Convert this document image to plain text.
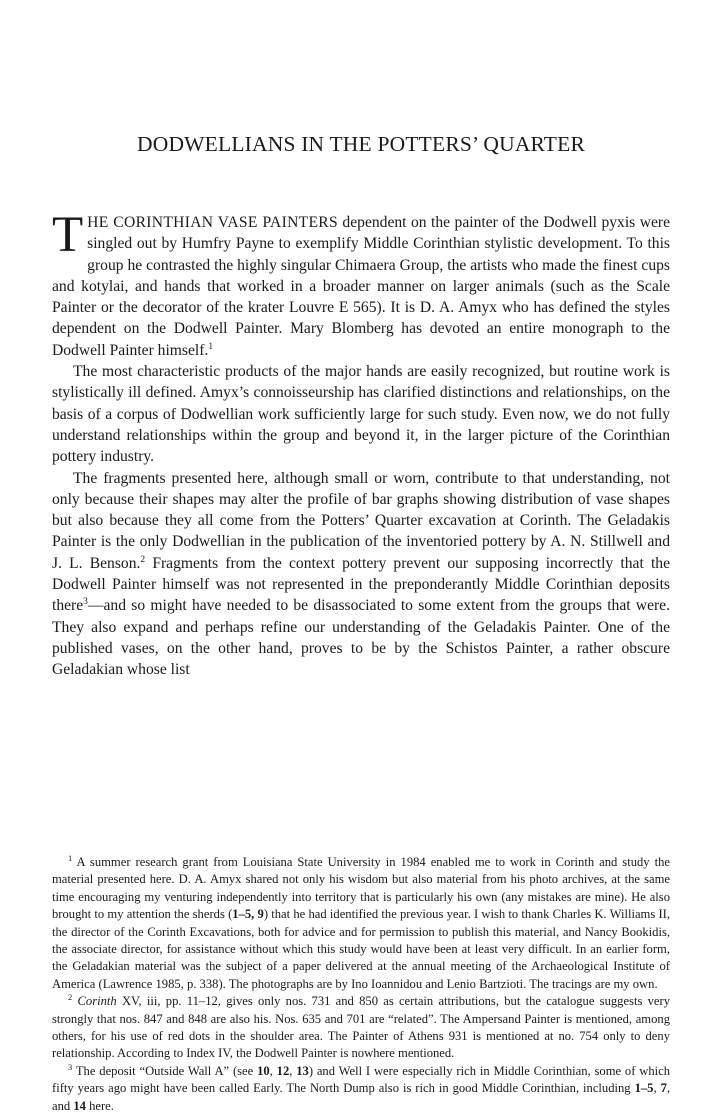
DODWELLIANS IN THE POTTERS’ QUARTER

THE CORINTHIAN VASE PAINTERS dependent on the painter of the Dodwell pyxis were singled out by Humfry Payne to exemplify Middle Corinthian stylistic development. To this group he contrasted the highly singular Chimaera Group, the artists who made the finest cups and kotylai, and hands that worked in a broader manner on larger animals (such as the Scale Painter or the decorator of the krater Louvre E 565). It is D. A. Amyx who has defined the styles dependent on the Dodwell Painter. Mary Blomberg has devoted an entire monograph to the Dodwell Painter himself.$^1$

The most characteristic products of the major hands are easily recognized, but routine work is stylistically ill defined. Amyx’s connoisseurship has clarified distinctions and relationships, on the basis of a corpus of Dodwellian work sufficiently large for such study. Even now, we do not fully understand relationships within the group and beyond it, in the larger picture of the Corinthian pottery industry.

The fragments presented here, although small or worn, contribute to that understanding, not only because their shapes may alter the profile of bar graphs showing distribution of vase shapes but also because they all come from the Potters’ Quarter excavation at Corinth. The Geladakis Painter is the only Dodwellian in the publication of the inventoried pottery by A. N. Stillwell and J. L. Benson.$^2$ Fragments from the context pottery prevent our supposing incorrectly that the Dodwell Painter himself was not represented in the preponderantly Middle Corinthian deposits there$^3$—and so might have needed to be disassociated to some extent from the groups that were. They also expand and perhaps refine our understanding of the Geladakis Painter. One of the published vases, on the other hand, proves to be by the Schistos Painter, a rather obscure Geladakian whose list

$^1$ A summer research grant from Louisiana State University in 1984 enabled me to work in Corinth and study the material presented here. D. A. Amyx shared not only his wisdom but also material from his photo archives, at the same time encouraging my venturing independently into territory that is particularly his own (any mistakes are mine). He also brought to my attention the sherds (1–5, 9) that he had identified the previous year. I wish to thank Charles K. Williams II, the director of the Corinth Excavations, both for advice and for permission to publish this material, and Nancy Bookidis, the associate director, for assistance without which this study would have been at least very difficult. In an earlier form, the Geladakian material was the subject of a paper delivered at the annual meeting of the Archaeological Institute of America (Lawrence 1985, p. 338). The photographs are by Ino Ioannidou and Lenio Bartzioti. The tracings are my own.

$^2$ Corinth XV, iii, pp. 11–12, gives only nos. 731 and 850 as certain attributions, but the catalogue suggests very strongly that nos. 847 and 848 are also his. Nos. 635 and 701 are “related”. The Ampersand Painter is mentioned, among others, for his use of red dots in the shoulder area. The Painter of Athens 931 is mentioned at no. 754 only to deny relationship. According to Index IV, the Dodwell Painter is nowhere mentioned.

$^3$ The deposit “Outside Wall A” (see 10, 12, 13) and Well I were especially rich in Middle Corinthian, some of which fifty years ago might have been called Early. The North Dump also is rich in good Middle Corinthian, including 1–5, 7, and 14 here.
